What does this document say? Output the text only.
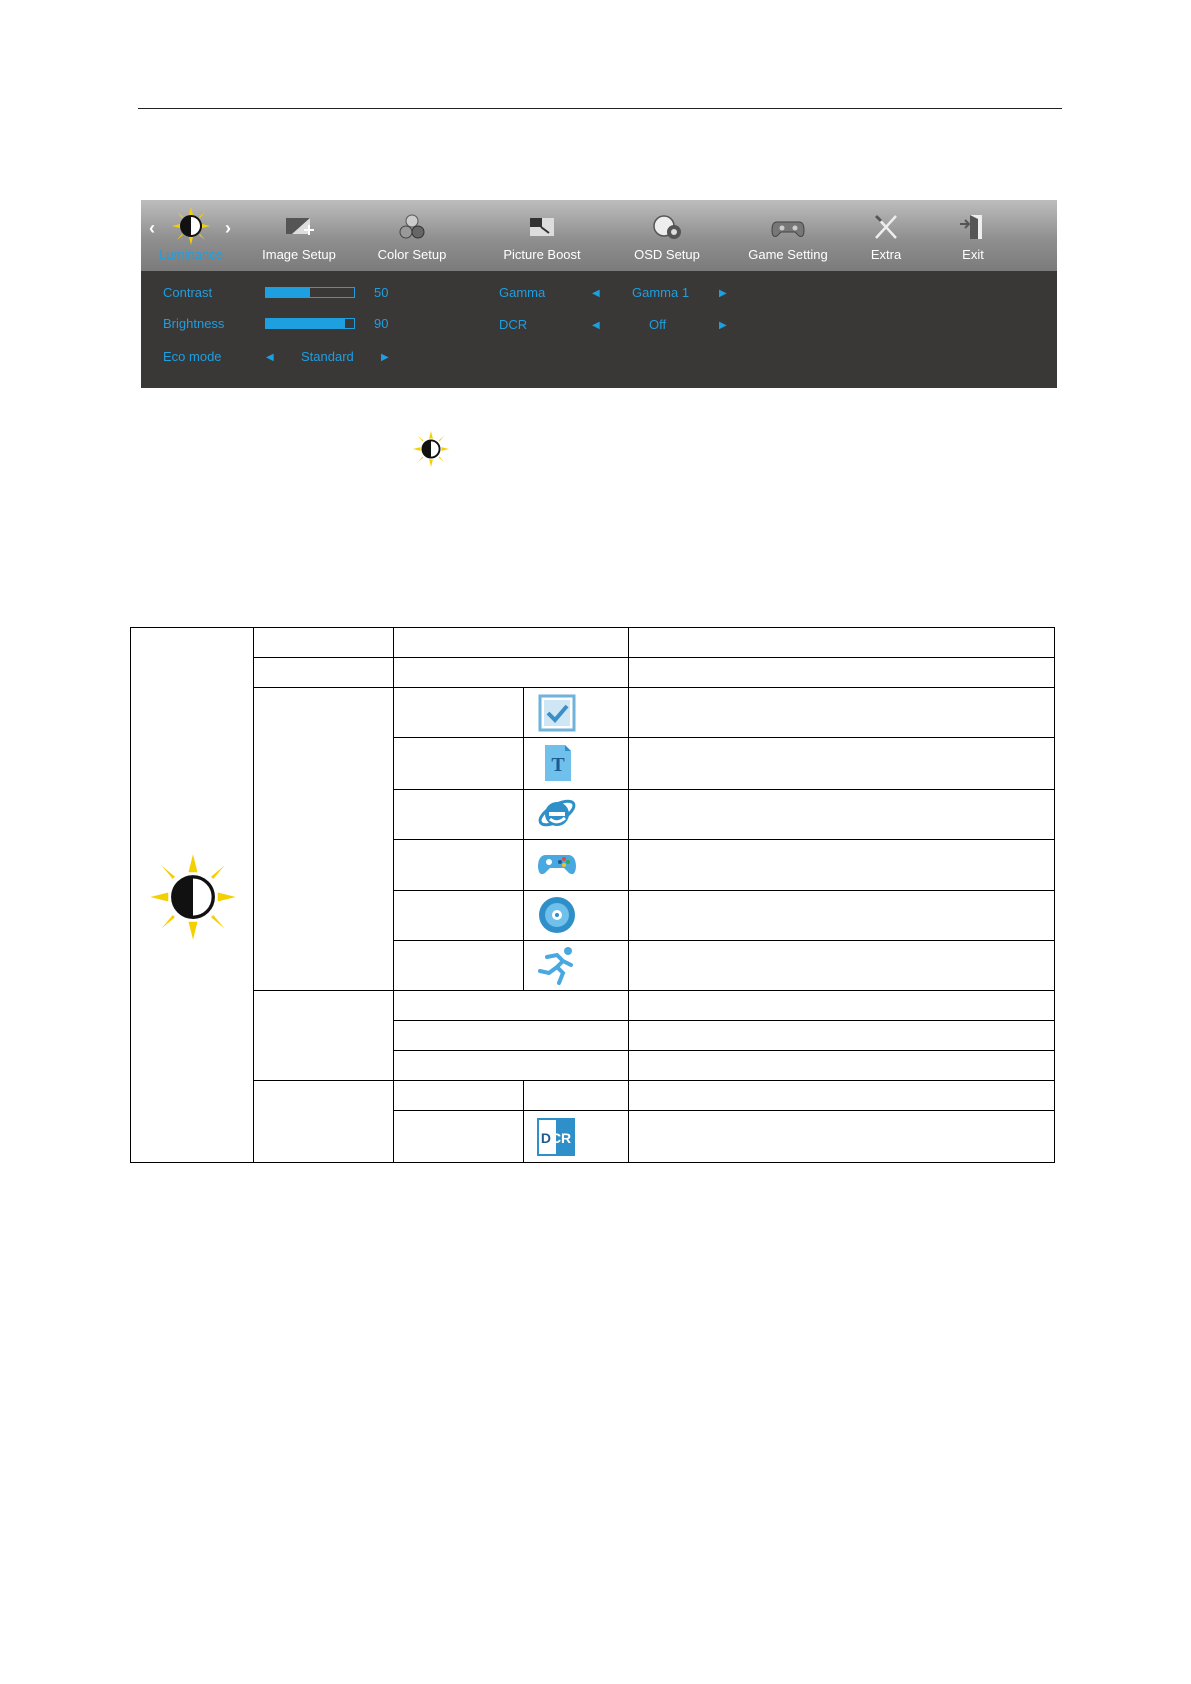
‹	›
Luminance	Image Setup	Color Setup	Picture Boost	OSD Setup	Game Setting	Extra	Exit
Contrast	50
Brightness	90
Eco mode	◀ Standard	▶
Gamma	◀ Gamma 1	▶
DCR	◀	Off	▶
T
DCR
